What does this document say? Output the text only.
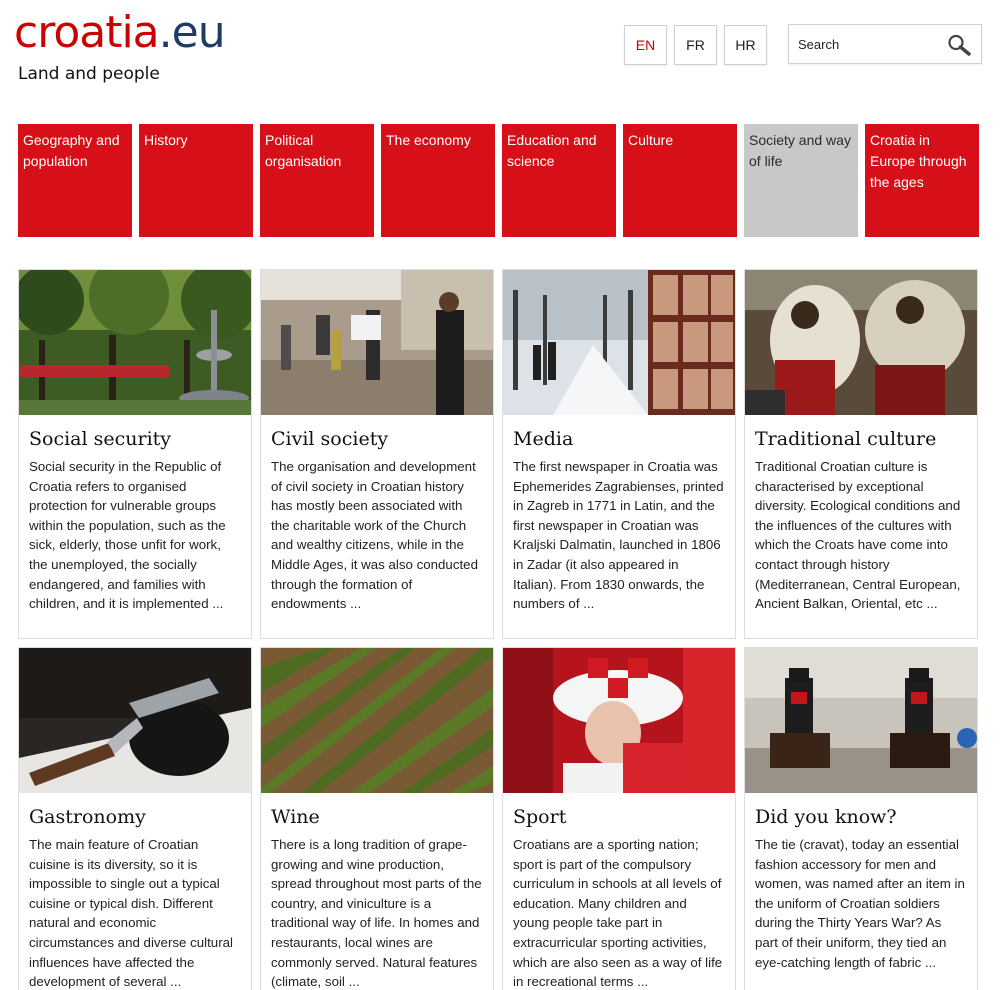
croatia.eu
Land and people
EN	FR	HR
Search
Geography and population
History	Political organisation
The economy	Education and science
Culture	Society and way of life
Croatia in Europe through the ages
Social security
Social security in the Republic of Croatia refers to organised protection for vulnerable groups within the population, such as the sick, elderly, those unfit for work, the unemployed, the socially endangered, and families with children, and it is implemented ...
Civil society
The organisation and development of civil society in Croatian history has mostly been associated with the charitable work of the Church and wealthy citizens, while in the Middle Ages, it was also conducted through the formation of endowments ...
Media
The first newspaper in Croatia was Ephemerides Zagrabienses, printed in Zagreb in 1771 in Latin, and the first newspaper in Croatian was Kraljski Dalmatin, launched in 1806 in Zadar (it also appeared in Italian). From 1830 onwards, the numbers of ...
Traditional culture
Traditional Croatian culture is characterised by exceptional diversity. Ecological conditions and the influences of the cultures with which the Croats have come into contact through history (Mediterranean, Central European, Ancient Balkan, Oriental, etc ...
Gastronomy
The main feature of Croatian cuisine is its diversity, so it is impossible to single out a typical cuisine or typical dish. Different natural and economic circumstances and diverse cultural influences have affected the development of several ...
Wine
There is a long tradition of grape-growing and wine production, spread throughout most parts of the country, and viniculture is a traditional way of life. In homes and restaurants, local wines are commonly served. Natural features (climate, soil ...
Sport
Croatians are a sporting nation; sport is part of the compulsory curriculum in schools at all levels of education. Many children and young people take part in extracurricular sporting activities, which are also seen as a way of life in recreational terms ...
Did you know?
The tie (cravat), today an essential fashion accessory for men and women, was named after an item in the uniform of Croatian soldiers during the Thirty Years War? As part of their uniform, they tied an eye-catching length of fabric ...
